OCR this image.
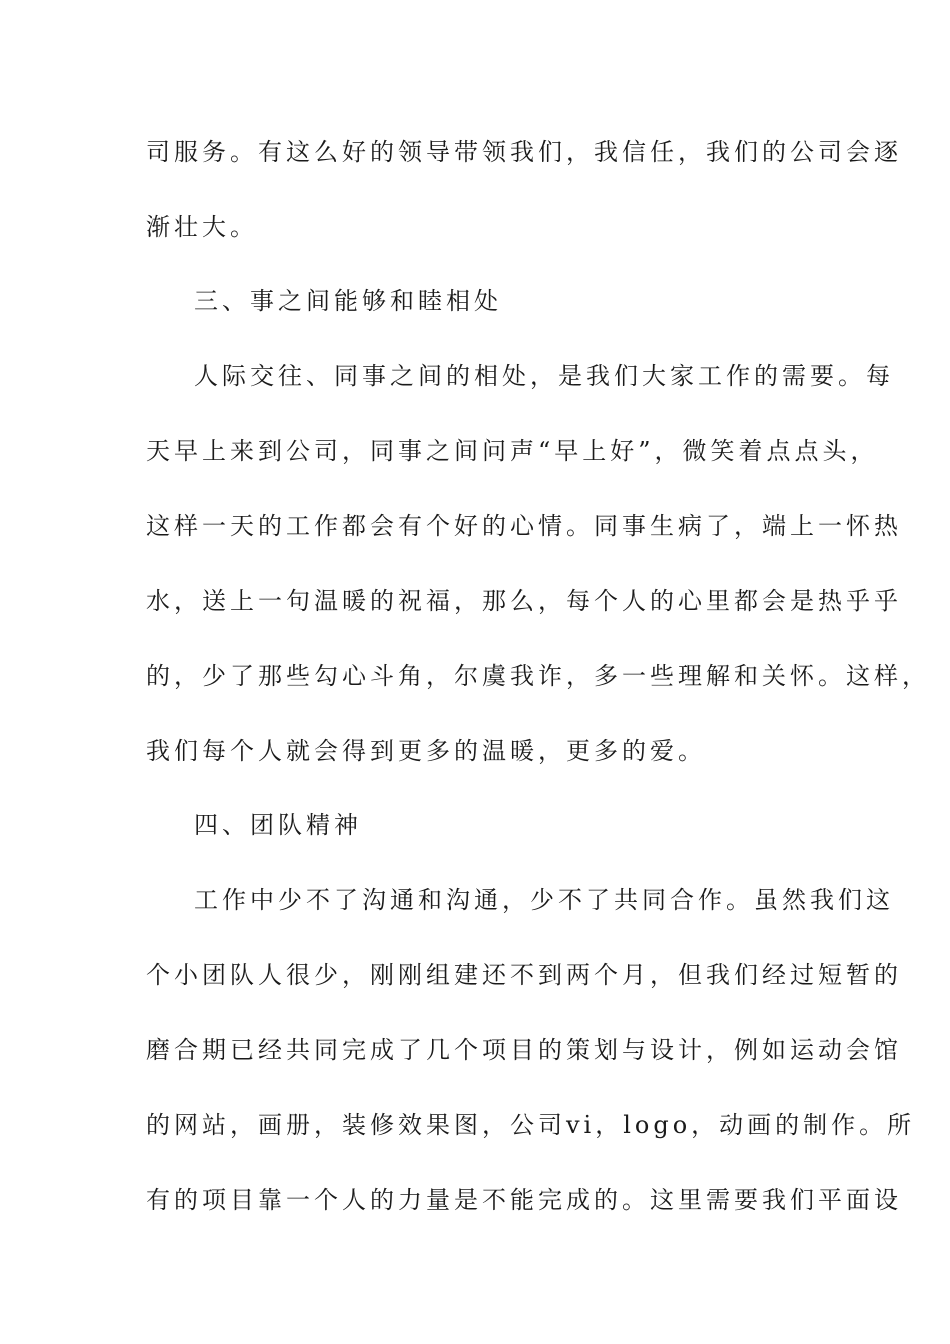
司服务。有这么好的领导带领我们，我信任，我们的公司会逐
渐壮大。
三、事之间能够和睦相处
人际交往、同事之间的相处，是我们大家工作的需要。每
天早上来到公司，同事之间问声“早上好”，微笑着点点头，
这样一天的工作都会有个好的心情。同事生病了，端上一怀热
水，送上一句温暖的祝福，那么，每个人的心里都会是热乎乎
的，少了那些勾心斗角，尔虞我诈，多一些理解和关怀。这样，
我们每个人就会得到更多的温暖，更多的爱。
四、团队精神
工作中少不了沟通和沟通，少不了共同合作。虽然我们这
个小团队人很少，刚刚组建还不到两个月，但我们经过短暂的
磨合期已经共同完成了几个项目的策划与设计，例如运动会馆
的网站，画册，装修效果图，公司vi，logo，动画的制作。所
有的项目靠一个人的力量是不能完成的。这里需要我们平面设
